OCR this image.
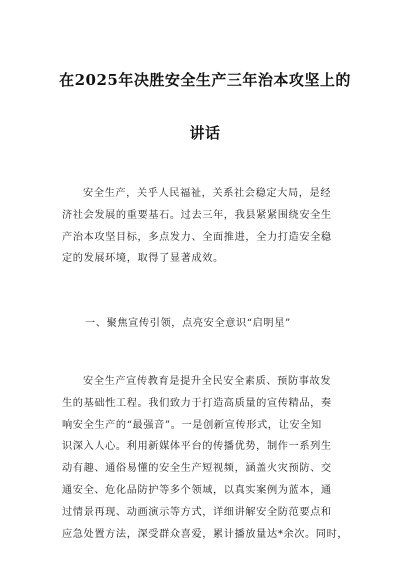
在2025年决胜安全生产三年治本攻坚上的
讲话
安全生产，关乎人民福祉，关系社会稳定大局，是经
济社会发展的重要基石。过去三年，我县紧紧围绕安全生
产治本攻坚目标，多点发力、全面推进，全力打造安全稳
定的发展环境，取得了显著成效。
一、聚焦宣传引领，点亮安全意识“启明星”
安全生产宣传教育是提升全民安全素质、预防事故发
生的基础性工程。我们致力于打造高质量的宣传精品，奏
响安全生产的“最强音”。一是创新宣传形式，让安全知
识深入人心。利用新媒体平台的传播优势，制作一系列生
动有趣、通俗易懂的安全生产短视频，涵盖火灾预防、交
通安全、危化品防护等多个领域，以真实案例为蓝本，通
过情景再现、动画演示等方式，详细讲解安全防范要点和
应急处置方法，深受群众喜爱，累计播放量达*余次。同时，
